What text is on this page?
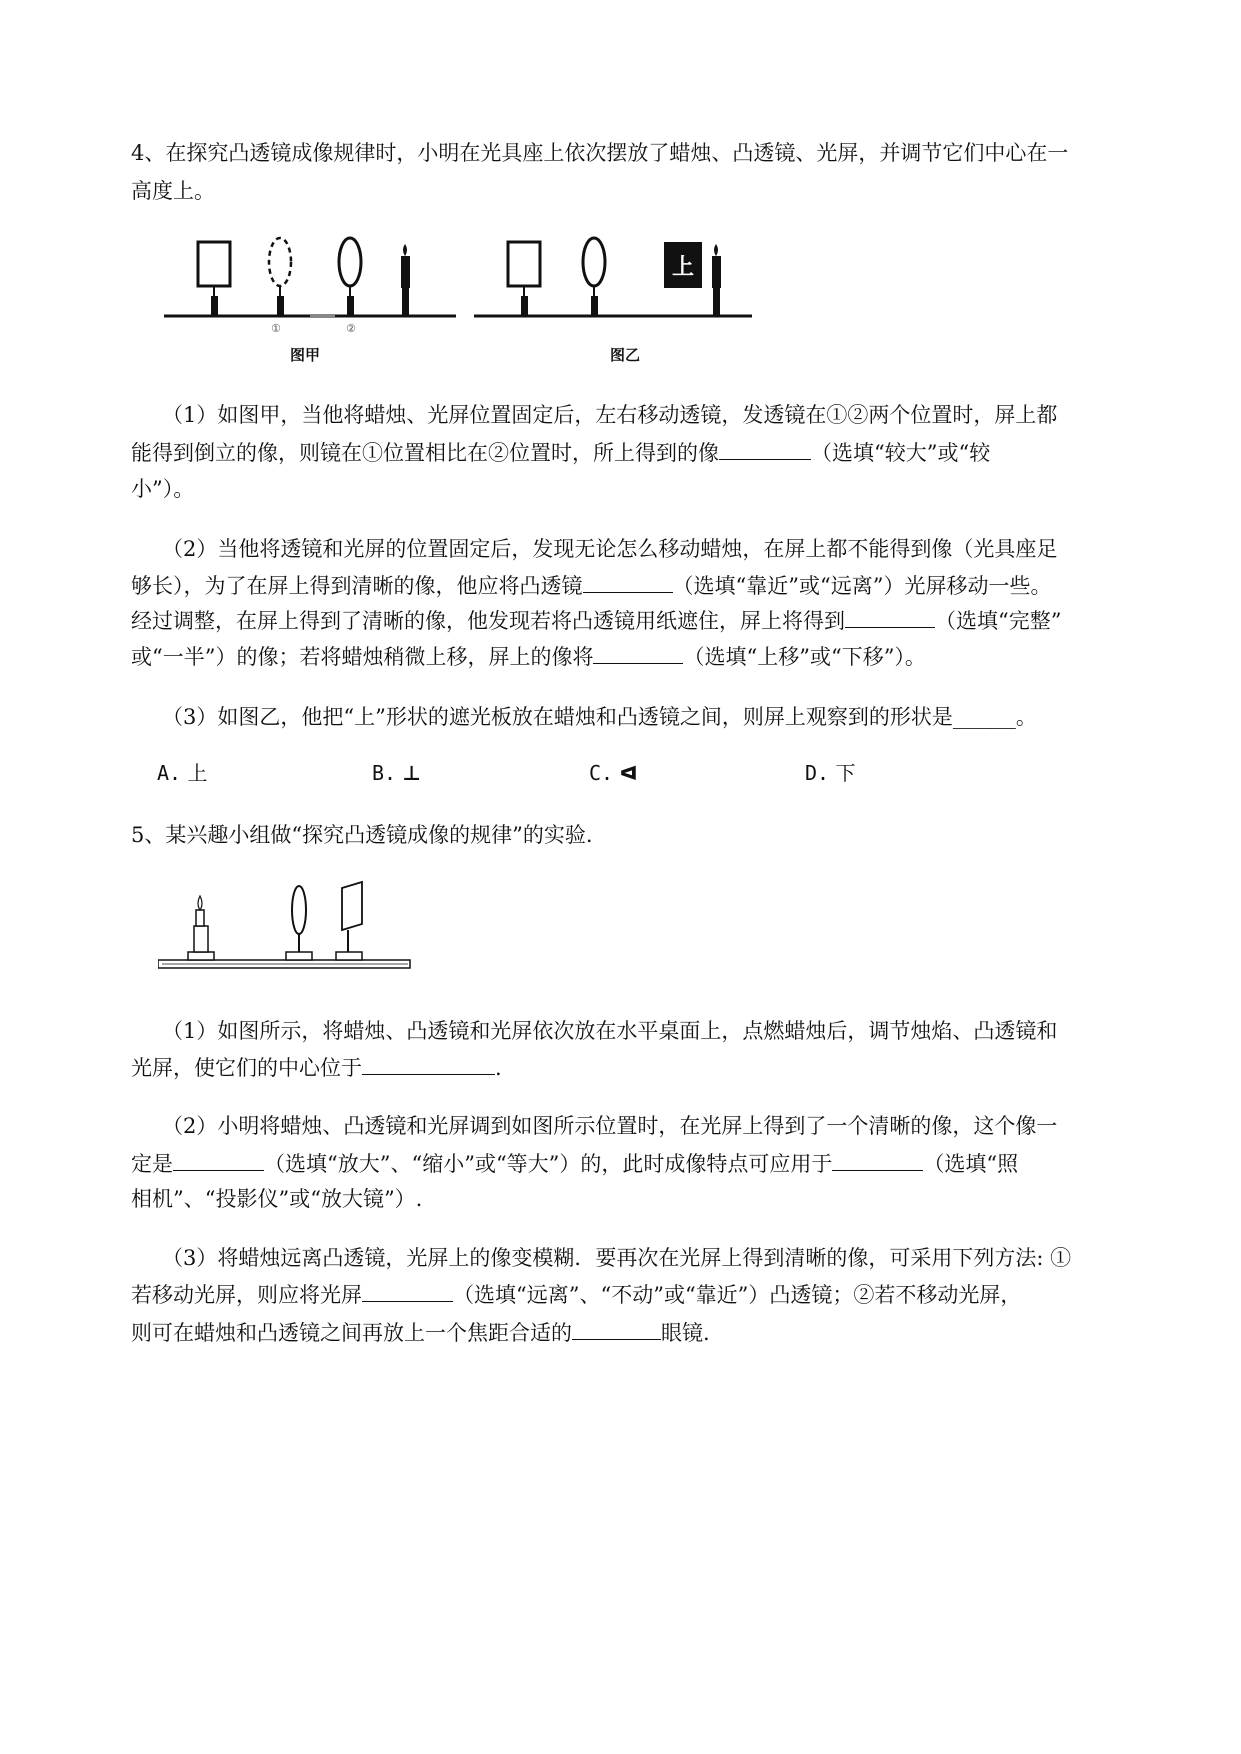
4、在探究凸透镜成像规律时，小明在光具座上依次摆放了蜡烛、凸透镜、光屏，并调节它们中心在一
高度上。
①	②
图甲
上
图乙
（1）如图甲，当他将蜡烛、光屏位置固定后，左右移动透镜，发透镜在①②两个位置时，屏上都
能得到倒立的像，则镜在①位置相比在②位置时，所上得到的像	（选填“较大”或“较
小”）。
（2）当他将透镜和光屏的位置固定后，发现无论怎么移动蜡烛，在屏上都不能得到像（光具座足
够长），为了在屏上得到清晰的像，他应将凸透镜	（选填“靠近”或“远离”）光屏移动一些。
经过调整，在屏上得到了清晰的像，他发现若将凸透镜用纸遮住，屏上将得到	（选填“完整”
或“一半”）的像；若将蜡烛稍微上移，屏上的像将	（选填“上移”或“下移”）。
（3）如图乙，他把“上”形状的遮光板放在蜡烛和凸透镜之间，则屏上观察到的形状是______。
A. 上	B. ⊥	C. ᐊ	D. 下
5、某兴趣小组做“探究凸透镜成像的规律”的实验.
（1）如图所示，将蜡烛、凸透镜和光屏依次放在水平桌面上，点燃蜡烛后，调节烛焰、凸透镜和
光屏，使它们的中心位于	.
（2）小明将蜡烛、凸透镜和光屏调到如图所示位置时，在光屏上得到了一个清晰的像，这个像一
定是	（选填“放大”、“缩小”或“等大”）的，此时成像特点可应用于	（选填“照
相机”、“投影仪”或“放大镜”）.
（3）将蜡烛远离凸透镜，光屏上的像变模糊．要再次在光屏上得到清晰的像，可采用下列方法: ①
若移动光屏，则应将光屏	（选填“远离”、“不动”或“靠近”）凸透镜；②若不移动光屏，
则可在蜡烛和凸透镜之间再放上一个焦距合适的	眼镜.
